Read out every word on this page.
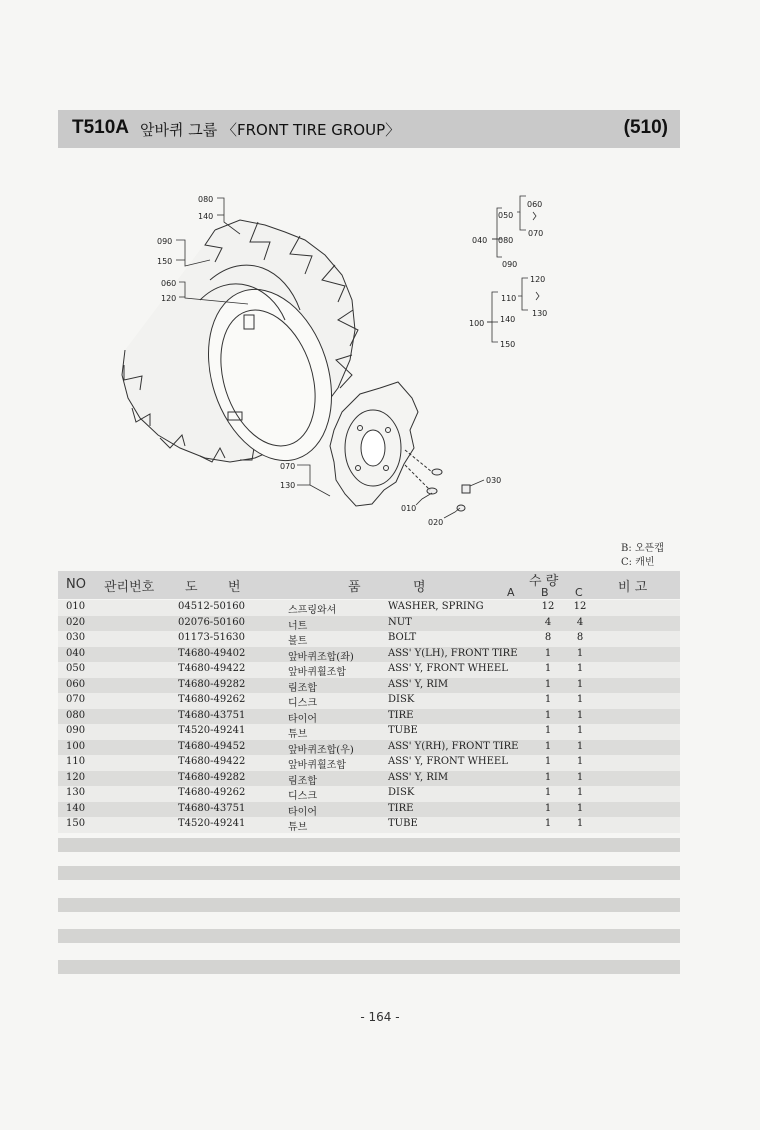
T510A 앞바퀴 그룹 〈FRONT TIRE GROUP〉	(510)
080
140
090
150
060
120
070
130
010
020
030
040
050
080
090
060
070
100
110
140
150
120
130
B: 오픈캡
C: 캐빈
NO 관리번호 도 번	품	명	수 량
A B C	비 고
010	04512-50160	스프링와셔	WASHER, SPRING	12	12
020	02076-50160	너트	NUT	4	4
030	01173-51630	볼트	BOLT	8	8
040	T4680-49402	앞바퀴조합(좌)	ASS' Y(LH), FRONT TIRE	1	1
050	T4680-49422	앞바퀴휠조합	ASS' Y, FRONT WHEEL	1	1
060	T4680-49282	림조합	ASS' Y, RIM	1	1
070	T4680-49262	디스크	DISK	1	1
080	T4680-43751	타이어	TIRE	1	1
090	T4520-49241	튜브	TUBE	1	1
100	T4680-49452	앞바퀴조합(우)	ASS' Y(RH), FRONT TIRE	1	1
110	T4680-49422	앞바퀴휠조합	ASS' Y, FRONT WHEEL	1	1
120	T4680-49282	림조합	ASS' Y, RIM	1	1
130	T4680-49262	디스크	DISK	1	1
140	T4680-43751	타이어	TIRE	1	1
150	T4520-49241	튜브	TUBE	1	1
- 164 -
